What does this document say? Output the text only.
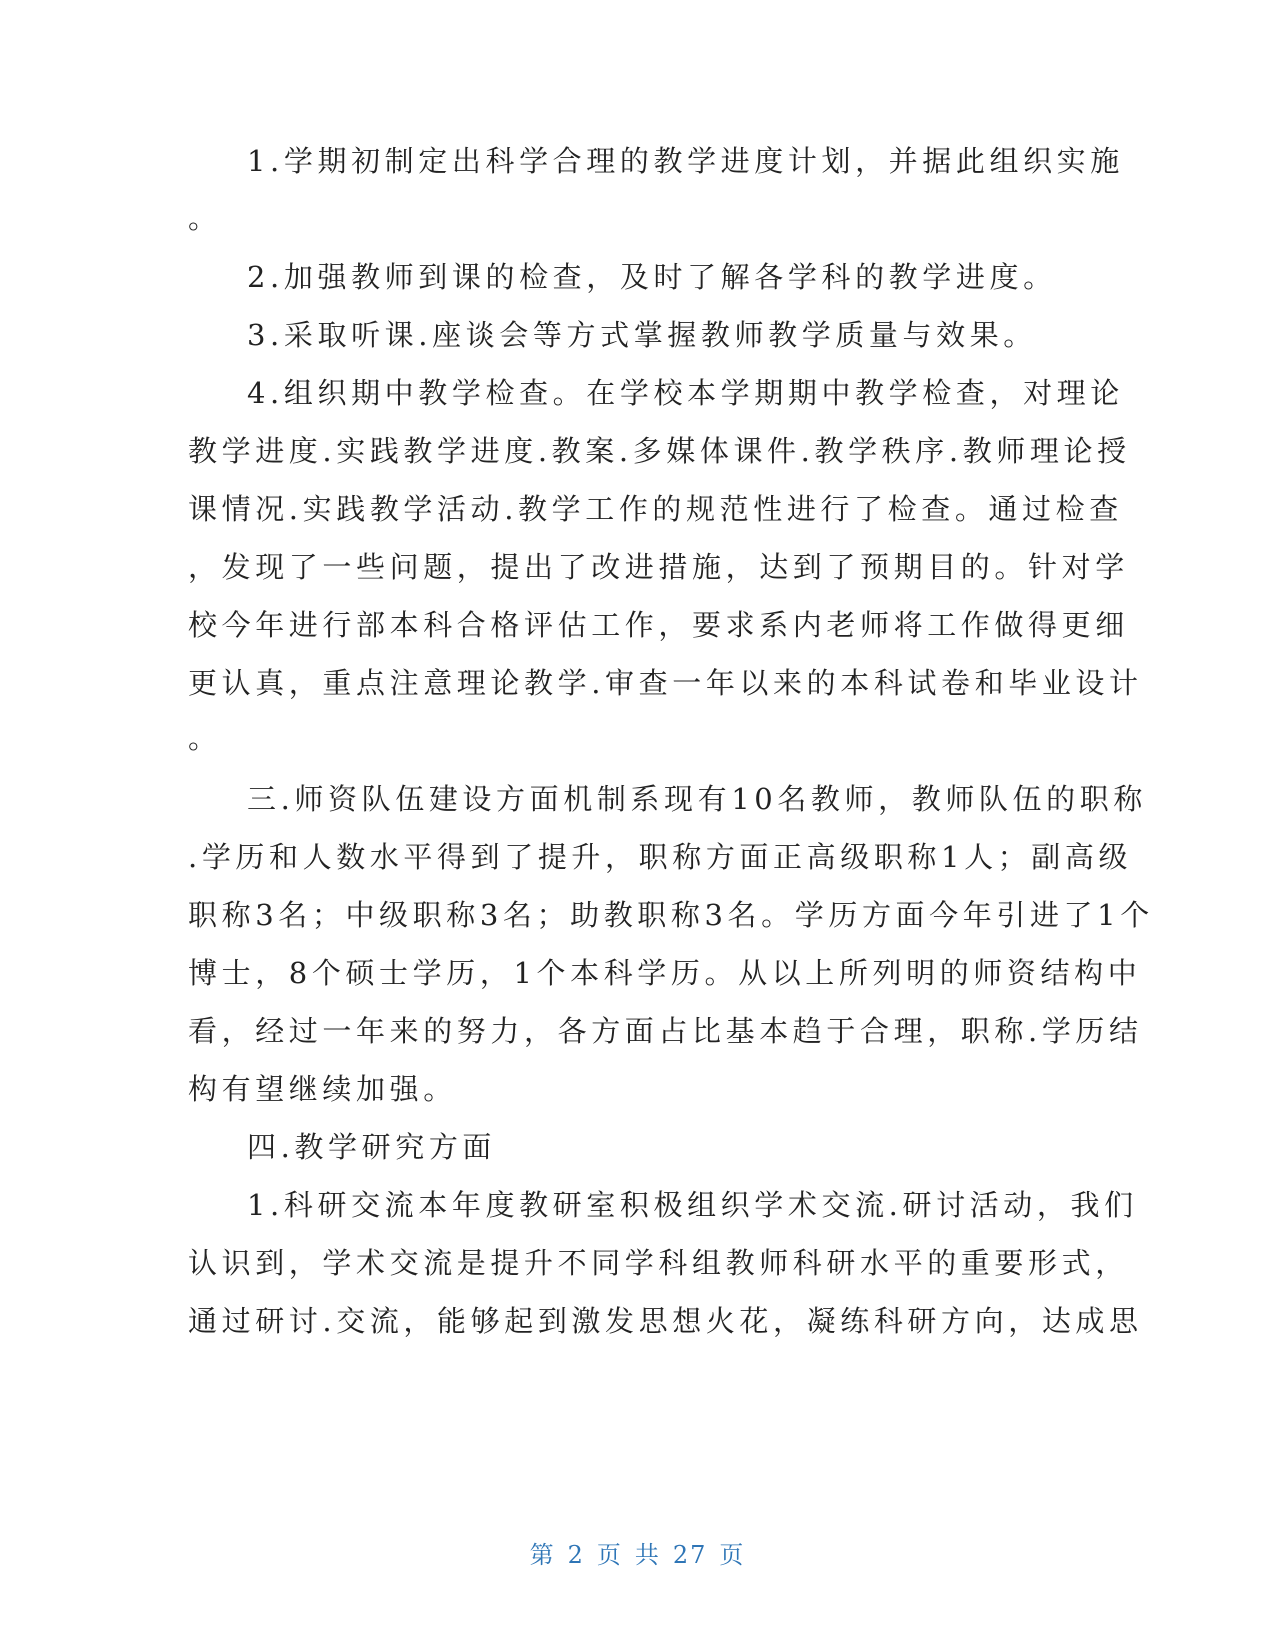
1.学期初制定出科学合理的教学进度计划，并据此组织实施
。
2.加强教师到课的检查，及时了解各学科的教学进度。
3.采取听课.座谈会等方式掌握教师教学质量与效果。
4.组织期中教学检查。在学校本学期期中教学检查，对理论
教学进度.实践教学进度.教案.多媒体课件.教学秩序.教师理论授
课情况.实践教学活动.教学工作的规范性进行了检查。通过检查
，发现了一些问题，提出了改进措施，达到了预期目的。针对学
校今年进行部本科合格评估工作，要求系内老师将工作做得更细
更认真，重点注意理论教学.审查一年以来的本科试卷和毕业设计
。
三.师资队伍建设方面机制系现有10名教师，教师队伍的职称
.学历和人数水平得到了提升，职称方面正高级职称1人；副高级
职称3名；中级职称3名；助教职称3名。学历方面今年引进了1个
博士，8个硕士学历，1个本科学历。从以上所列明的师资结构中
看，经过一年来的努力，各方面占比基本趋于合理，职称.学历结
构有望继续加强。
四.教学研究方面
1.科研交流本年度教研室积极组织学术交流.研讨活动，我们
认识到，学术交流是提升不同学科组教师科研水平的重要形式，
通过研讨.交流，能够起到激发思想火花，凝练科研方向，达成思
第 2 页 共 27 页
